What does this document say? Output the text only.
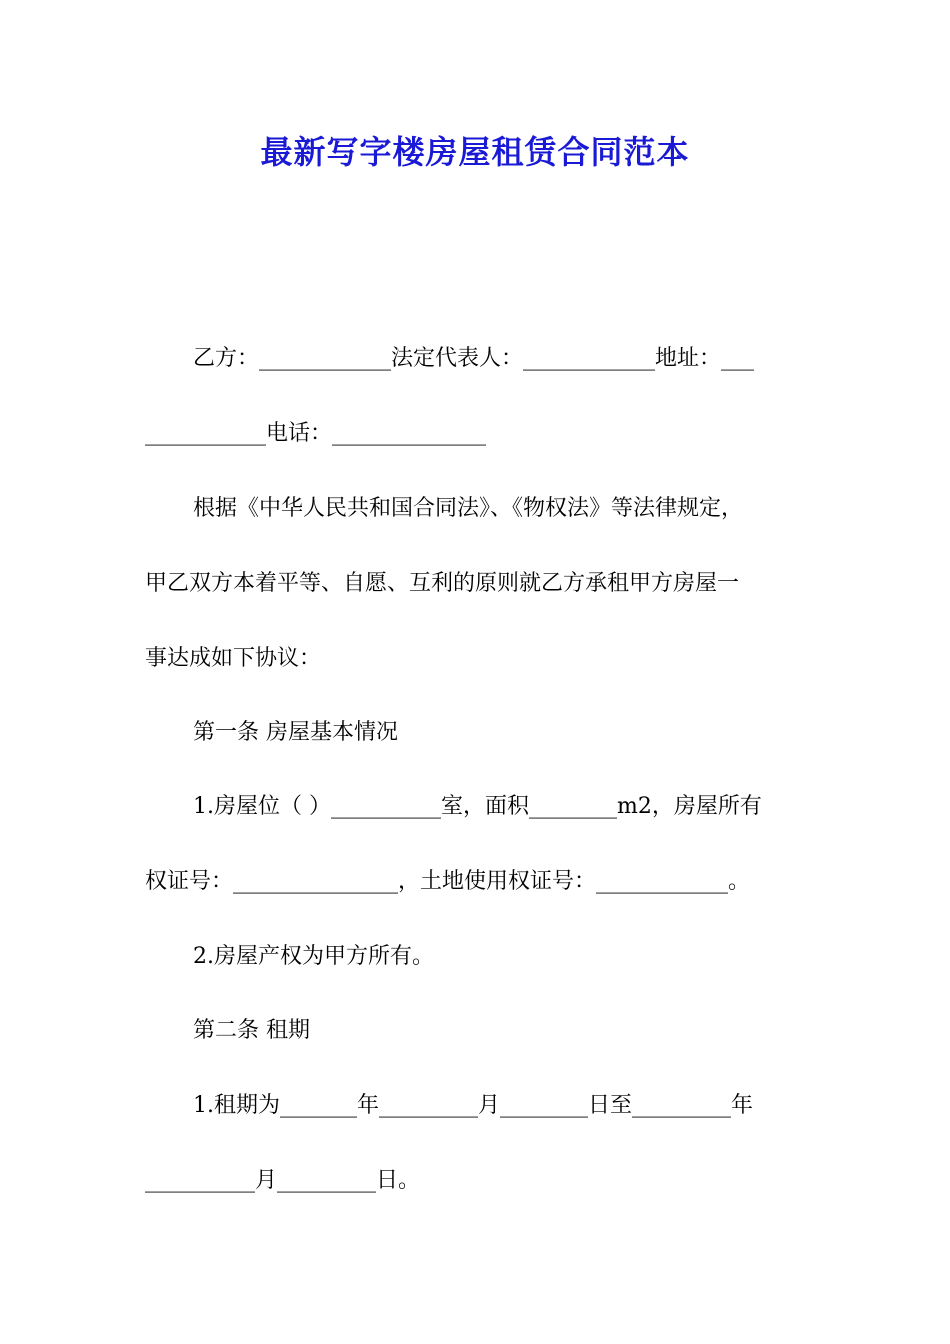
最新写字楼房屋租赁合同范本
乙方：____________法定代表人：____________地址：___
___________电话：______________
根据《中华人民共和国合同法》、《物权法》等法律规定，
甲乙双方本着平等、自愿、互利的原则就乙方承租甲方房屋一
事达成如下协议：
第一条 房屋基本情况
1.房屋位（ ）__________室，面积________m2，房屋所有
权证号：_______________，土地使用权证号：____________。
2.房屋产权为甲方所有。
第二条 租期
1.租期为_______年_________月________日至_________年
__________月_________日。
